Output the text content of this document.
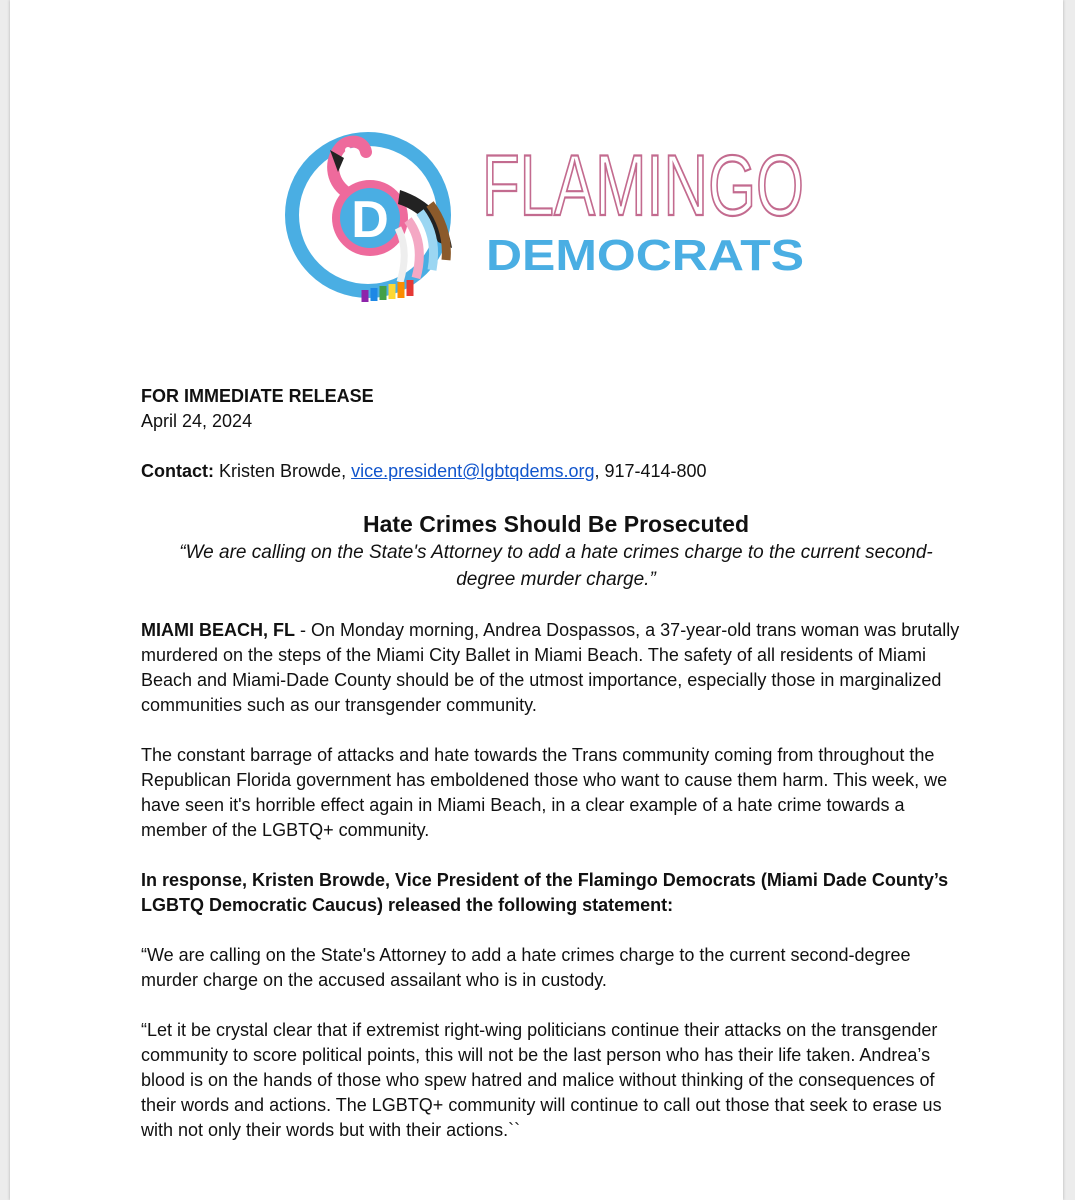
D FLAMINGO
DEMOCRATS

FOR IMMEDIATE RELEASE

April 24, 2024

Contact: Kristen Browde, vice.president@lgbtqdems.org, 917-414-800

Hate Crimes Should Be Prosecuted

“We are calling on the State's Attorney to add a hate crimes charge to the current second-degree murder charge.”

MIAMI BEACH, FL - On Monday morning, Andrea Dospassos, a 37-year-old trans woman was brutally murdered on the steps of the Miami City Ballet in Miami Beach. The safety of all residents of Miami Beach and Miami-Dade County should be of the utmost importance, especially those in marginalized communities such as our transgender community.

The constant barrage of attacks and hate towards the Trans community coming from throughout the Republican Florida government has emboldened those who want to cause them harm. This week, we have seen it's horrible effect again in Miami Beach, in a clear example of a hate crime towards a member of the LGBTQ+ community.

In response, Kristen Browde, Vice President of the Flamingo Democrats (Miami Dade County’s LGBTQ Democratic Caucus) released the following statement:

“We are calling on the State's Attorney to add a hate crimes charge to the current second-degree murder charge on the accused assailant who is in custody.

“Let it be crystal clear that if extremist right-wing politicians continue their attacks on the transgender community to score political points, this will not be the last person who has their life taken. Andrea’s blood is on the hands of those who spew hatred and malice without thinking of the consequences of their words and actions. The LGBTQ+ community will continue to call out those that seek to erase us with not only their words but with their actions.``
